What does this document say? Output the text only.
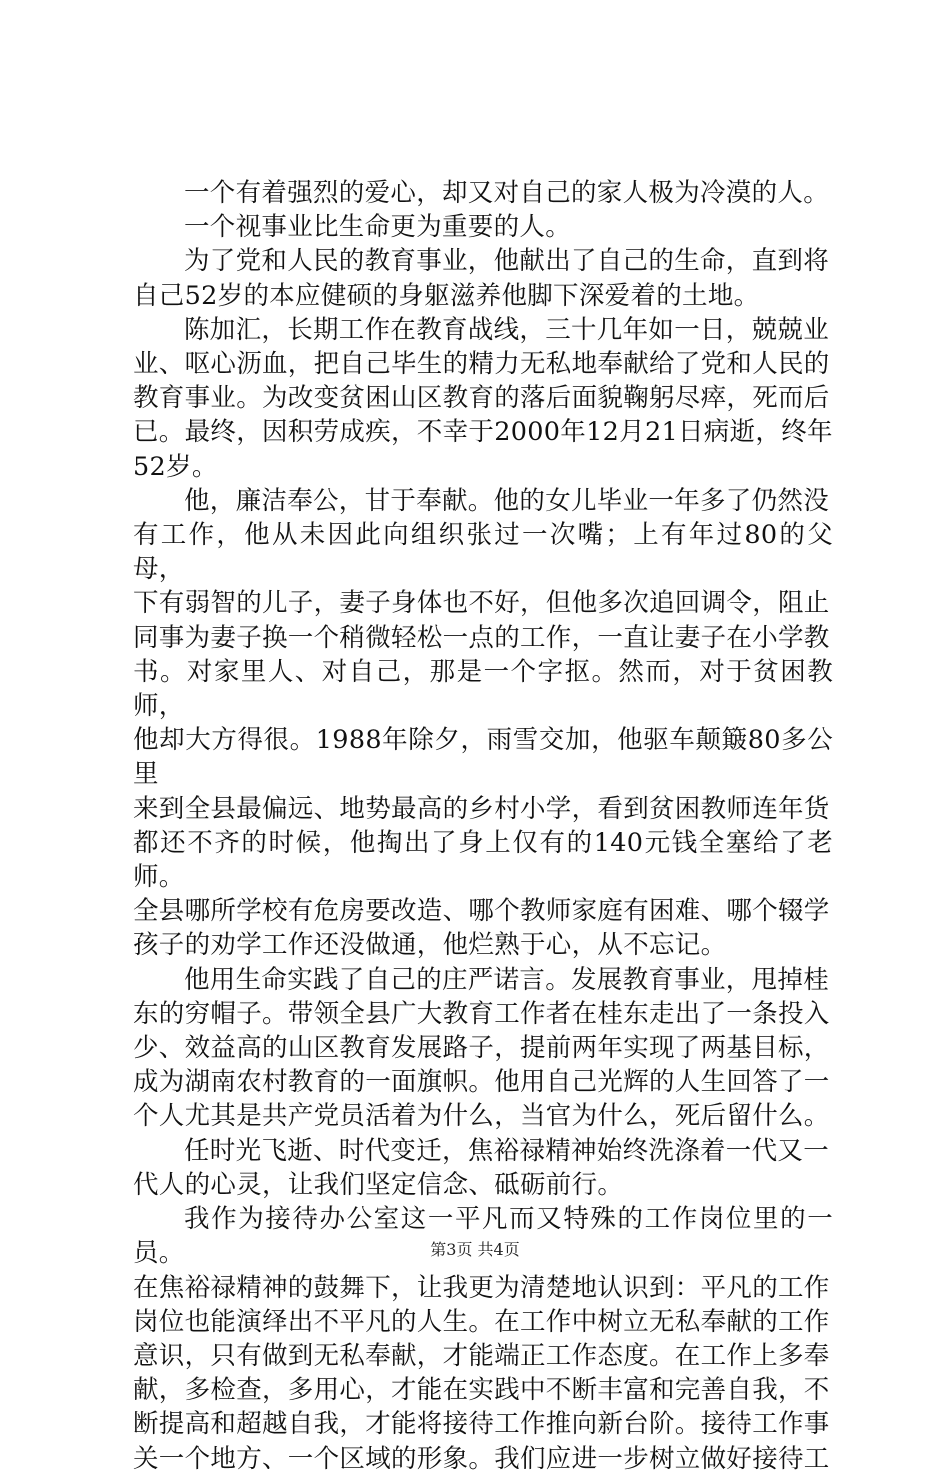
一个有着强烈的爱心，却又对自己的家人极为冷漠的人。

一个视事业比生命更为重要的人。

为了党和人民的教育事业，他献出了自己的生命，直到将
自己52岁的本应健硕的身躯滋养他脚下深爱着的土地。

陈加汇，长期工作在教育战线，三十几年如一日，兢兢业
业、呕心沥血，把自己毕生的精力无私地奉献给了党和人民的
教育事业。为改变贫困山区教育的落后面貌鞠躬尽瘁，死而后
已。最终，因积劳成疾，不幸于2000年12月21日病逝，终年
52岁。

他，廉洁奉公，甘于奉献。他的女儿毕业一年多了仍然没
有工作，他从未因此向组织张过一次嘴；上有年过80的父母，
下有弱智的儿子，妻子身体也不好，但他多次追回调令，阻止
同事为妻子换一个稍微轻松一点的工作，一直让妻子在小学教
书。对家里人、对自己，那是一个字抠。然而，对于贫困教师，
他却大方得很。1988年除夕，雨雪交加，他驱车颠簸80多公里
来到全县最偏远、地势最高的乡村小学，看到贫困教师连年货
都还不齐的时候，他掏出了身上仅有的140元钱全塞给了老师。
全县哪所学校有危房要改造、哪个教师家庭有困难、哪个辍学
孩子的劝学工作还没做通，他烂熟于心，从不忘记。

他用生命实践了自己的庄严诺言。发展教育事业，甩掉桂
东的穷帽子。带领全县广大教育工作者在桂东走出了一条投入
少、效益高的山区教育发展路子，提前两年实现了两基目标，
成为湖南农村教育的一面旗帜。他用自己光辉的人生回答了一
个人尤其是共产党员活着为什么，当官为什么，死后留什么。

任时光飞逝、时代变迁，焦裕禄精神始终洗涤着一代又一
代人的心灵，让我们坚定信念、砥砺前行。

我作为接待办公室这一平凡而又特殊的工作岗位里的一员。
在焦裕禄精神的鼓舞下，让我更为清楚地认识到：平凡的工作
岗位也能演绎出不平凡的人生。在工作中树立无私奉献的工作
意识，只有做到无私奉献，才能端正工作态度。在工作上多奉
献，多检查，多用心，才能在实践中不断丰富和完善自我，不
断提高和超越自我，才能将接待工作推向新台阶。接待工作事
关一个地方、一个区域的形象。我们应进一步树立做好接待工

第3页 共4页
